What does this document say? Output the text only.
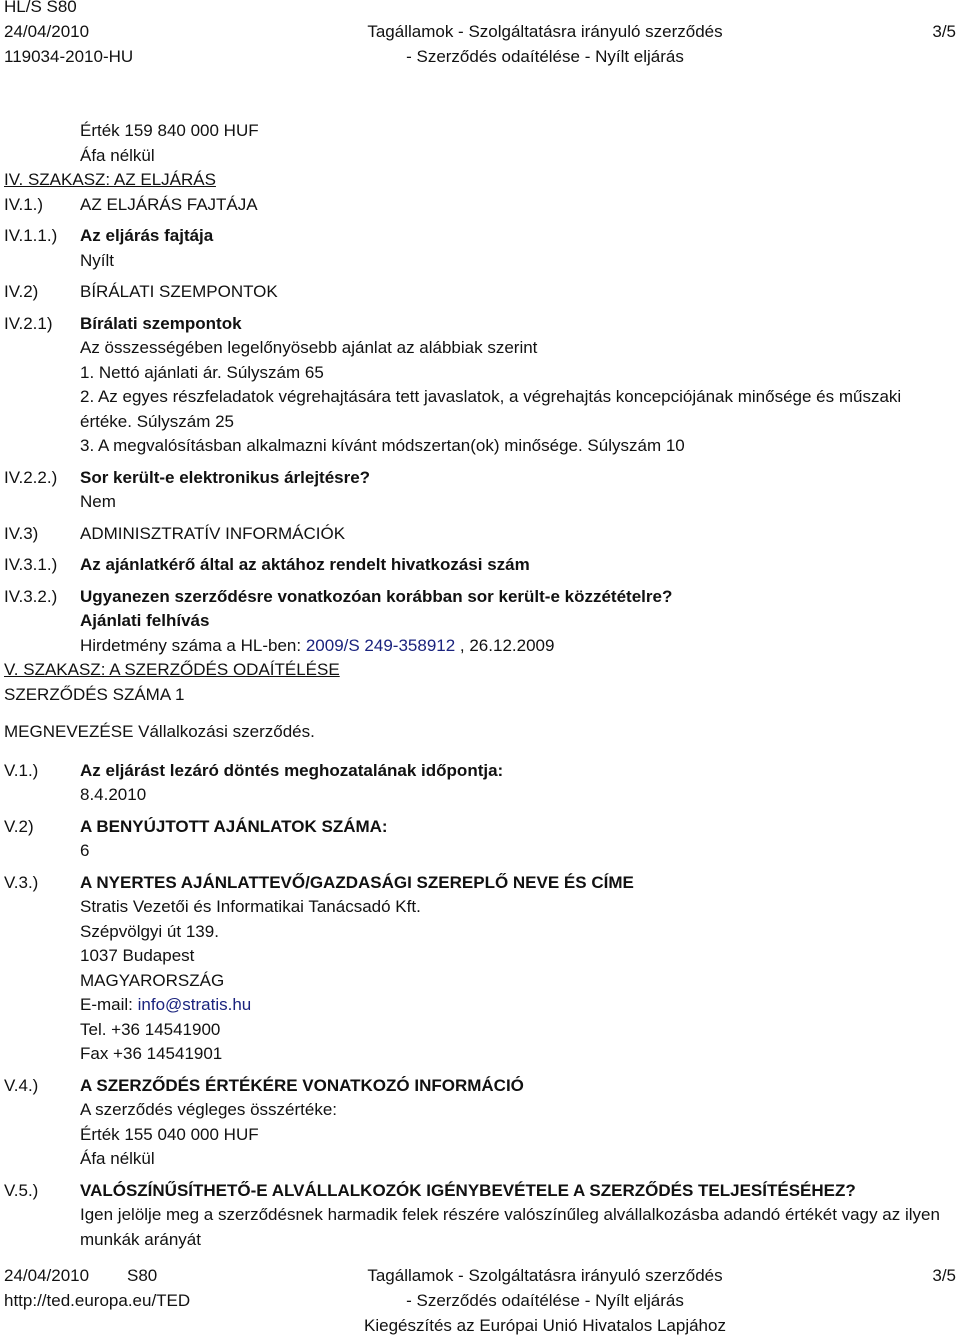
HL/S S80
24/04/2010
119034-2010-HU
Tagállamok - Szolgáltatásra irányuló szerződés
- Szerződés odaítélése - Nyílt eljárás
3/5
Érték 159 840 000 HUF
Áfa nélkül
IV. SZAKASZ: AZ ELJÁRÁS
IV.1.)	AZ ELJÁRÁS FAJTÁJA
IV.1.1.)	Az eljárás fajtája
Nyílt
IV.2)	BÍRÁLATI SZEMPONTOK
IV.2.1)	Bírálati szempontok
Az összességében legelőnyösebb ajánlat az alábbiak szerint
1. Nettó ajánlati ár. Súlyszám 65
2. Az egyes részfeladatok végrehajtására tett javaslatok, a végrehajtás koncepciójának minősége és műszaki értéke. Súlyszám 25
3. A megvalósításban alkalmazni kívánt módszertan(ok) minősége. Súlyszám 10
IV.2.2.)	Sor került-e elektronikus árlejtésre?
Nem
IV.3)	ADMINISZTRATÍV INFORMÁCIÓK
IV.3.1.)	Az ajánlatkérő által az aktához rendelt hivatkozási szám
IV.3.2.)	Ugyanezen szerződésre vonatkozóan korábban sor került-e közzétételre?
Ajánlati felhívás
Hirdetmény száma a HL-ben: 2009/S 249-358912 , 26.12.2009
V. SZAKASZ: A SZERZŐDÉS ODAÍTÉLÉSE
SZERZŐDÉS SZÁMA 1
MEGNEVEZÉSE Vállalkozási szerződés.
V.1.)	Az eljárást lezáró döntés meghozatalának időpontja:
8.4.2010
V.2)	A BENYÚJTOTT AJÁNLATOK SZÁMA:
6
V.3.)	A NYERTES AJÁNLATTEVŐ/GAZDASÁGI SZEREPLŐ NEVE ÉS CÍME
Stratis Vezetői és Informatikai Tanácsadó Kft.
Szépvölgyi út 139.
1037 Budapest
MAGYARORSZÁG
E-mail: info@stratis.hu
Tel. +36 14541900
Fax +36 14541901
V.4.)	A SZERZŐDÉS ÉRTÉKÉRE VONATKOZÓ INFORMÁCIÓ
A szerződés végleges összértéke:
Érték 155 040 000 HUF
Áfa nélkül
V.5.)	VALÓSZÍNŰSÍTHETŐ-E ALVÁLLALKOZÓK IGÉNYBEVÉTELE A SZERZŐDÉS TELJESÍTÉSÉHEZ?
Igen jelölje meg a szerződésnek harmadik felek részére valószínűleg alvállalkozásba adandó értékét vagy az ilyen munkák arányát
24/04/2010 S80
http://ted.europa.eu/TED
Tagállamok - Szolgáltatásra irányuló szerződés
- Szerződés odaítélése - Nyílt eljárás
Kiegészítés az Európai Unió Hivatalos Lapjához
3/5
